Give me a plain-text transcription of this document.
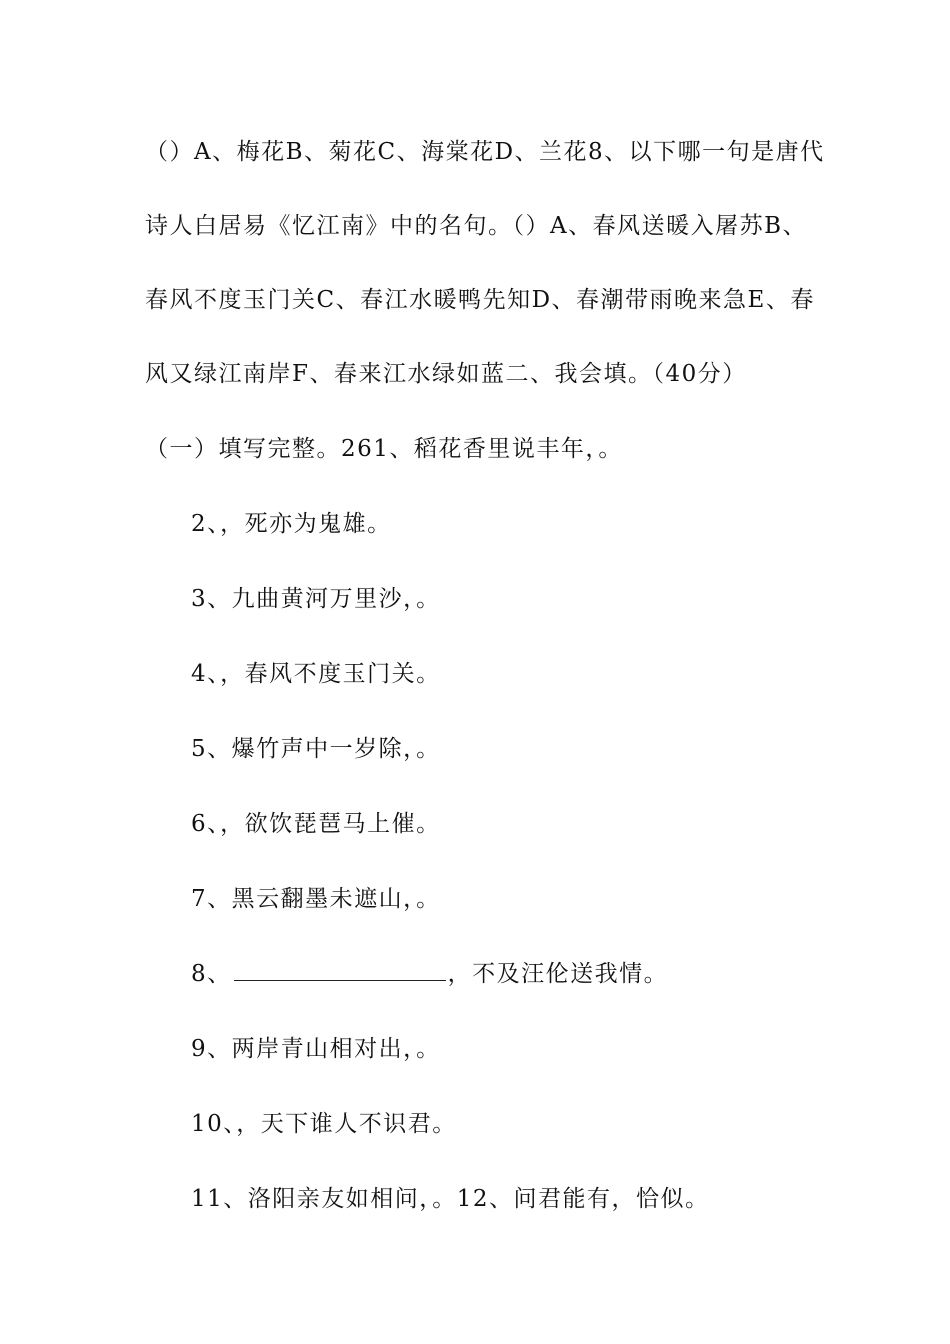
（）A、梅花B、菊花C、海棠花D、兰花8、以下哪一句是唐代
诗人白居易《忆江南》中的名句。（）A、春风送暖入屠苏B、
春风不度玉门关C、春江水暖鸭先知D、春潮带雨晚来急E、春
风又绿江南岸F、春来江水绿如蓝二、我会填。（40分）
（一）填写完整。261、稻花香里说丰年，。
2、，死亦为鬼雄。
3、九曲黄河万里沙，。
4、，春风不度玉门关。
5、爆竹声中一岁除，。
6、，欲饮琵琶马上催。
7、黑云翻墨未遮山，。
8、	，不及汪伦送我情。
9、两岸青山相对出，。
10、，天下谁人不识君。
11、洛阳亲友如相问，。12、问君能有，恰似。
